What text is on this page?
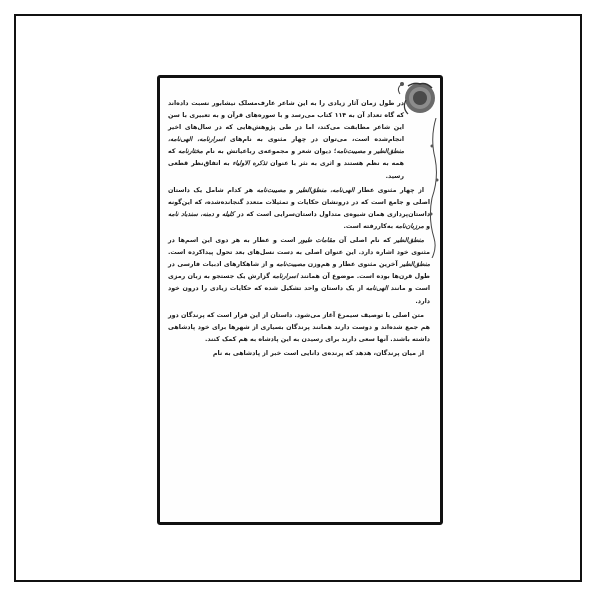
در طول زمان آثار زیادی را به این شاعر عارف‌مسلک نیشابور نسبت داده‌اند که گاه تعداد آن به ۱۱۴ کتاب می‌رسد و با سوره‌های قرآن و به تعبیری با سن این شاعر مطابقت می‌کند، اما در طی پژوهش‌هایی که در سال‌های اخیر انجام‌شده است، می‌توان در چهار مثنوی به نام‌های اسرارنامه، الهی‌نامه، منطق‌الطیر و مصیبت‌نامه؛ دیوان شعر و مجموعه‌ی رباعیاتش به نام مختارنامه که همه به نظم هستند و اثری به نثر با عنوان تذکره الاولیاء به اتفاق‌نظر قطعی رسید.

از چهار مثنوی عطار الهی‌نامه، منطق‌الطیر و مصیبت‌نامه هر کدام شامل یک داستان اصلی و جامع است که در درونشان حکایات و تمثیلات متعدد گنجانده‌شده، که این‌گونه داستان‌پردازی همان شیوه‌ی متداول داستان‌سرایی است که در کلیله و دمنه، سندباد نامه و مرزبان‌نامه به‌کاررفته است.

منطق‌الطیر که نام اصلی آن مقامات طیور است و عطار به هر دوی این اسم‌ها در مثنوی خود اشاره دارد. این عنوان اصلی به دست نسل‌های بعد تحول پیداکرده است. منطق‌الطیر آخرین مثنوی عطار و هم‌وزن مصیبت‌نامه و از شاهکارهای ادبیات فارسی در طول قرن‌ها بوده است. موضوع آن همانند اسرارنامه گزارش یک جستجو به زبان رمزی است و مانند الهی‌نامه از یک داستان واحد تشکیل شده که حکایات زیادی را درون خود دارد.

متن اصلی با توصیف سیمرغ آغاز می‌شود. داستان از این قرار است که پرندگان دور هم جمع شده‌اند و دوست دارند همانند پرندگان بسیاری از شهرها برای خود پادشاهی داشته باشند. آنها سعی دارند برای رسیدن به این پادشاه به هم کمک کنند.

از میان پرندگان، هدهد که پرنده‌ی دانایی است خبر از پادشاهی به نام
